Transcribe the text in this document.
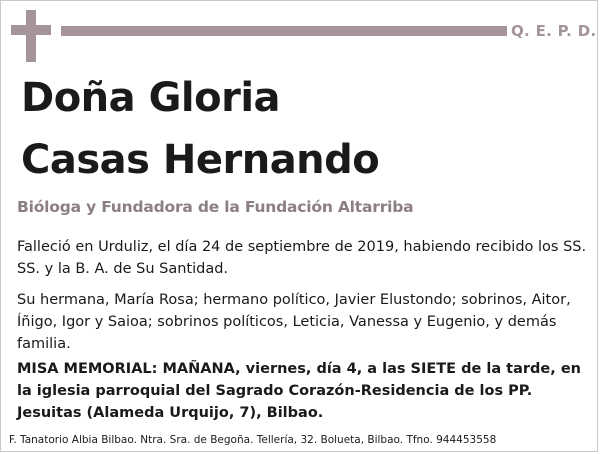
Q. E. P. D.
Doña Gloria
Casas Hernando
Bióloga y Fundadora de la Fundación Altarriba
Falleció en Urduliz, el día 24 de septiembre de 2019, habiendo recibido los SS. SS. y la B. A. de Su Santidad.
Su hermana, María Rosa; hermano político, Javier Elustondo; sobrinos, Aitor, Íñigo, Igor y Saioa; sobrinos políticos, Leticia, Vanessa y Eugenio, y demás familia.
MISA MEMORIAL: MAÑANA, viernes, día 4, a las SIETE de la tarde, en la iglesia parroquial del Sagrado Corazón-Residencia de los PP. Jesuitas (Alameda Urquijo, 7), Bilbao.
F. Tanatorio Albia Bilbao. Ntra. Sra. de Begoña. Tellería, 32. Bolueta, Bilbao. Tfno. 944453558
